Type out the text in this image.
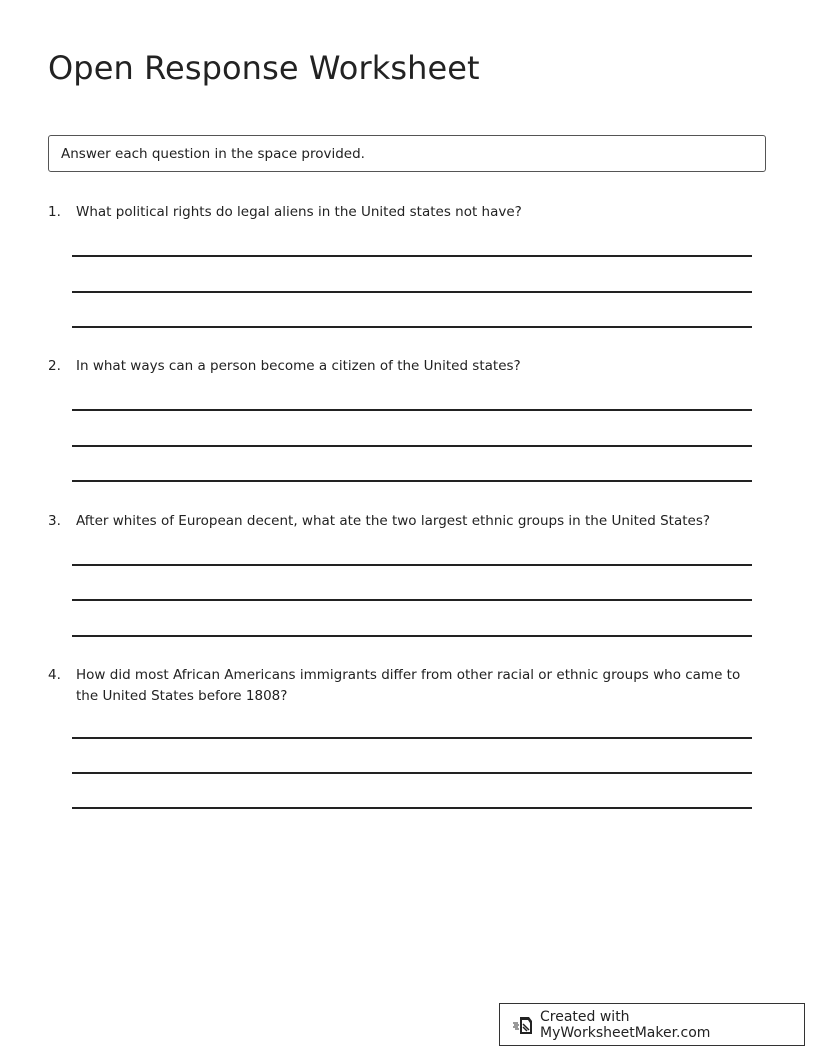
Open Response Worksheet
Answer each question in the space provided.
1.	What political rights do legal aliens in the United states not have?
2.	In what ways can a person become a citizen of the United states?
3.	After whites of European decent, what ate the two largest ethnic groups in the United States?
4.	How did most African Americans immigrants differ from other racial or ethnic groups who came to the United States before 1808?
Created with MyWorksheetMaker.com
